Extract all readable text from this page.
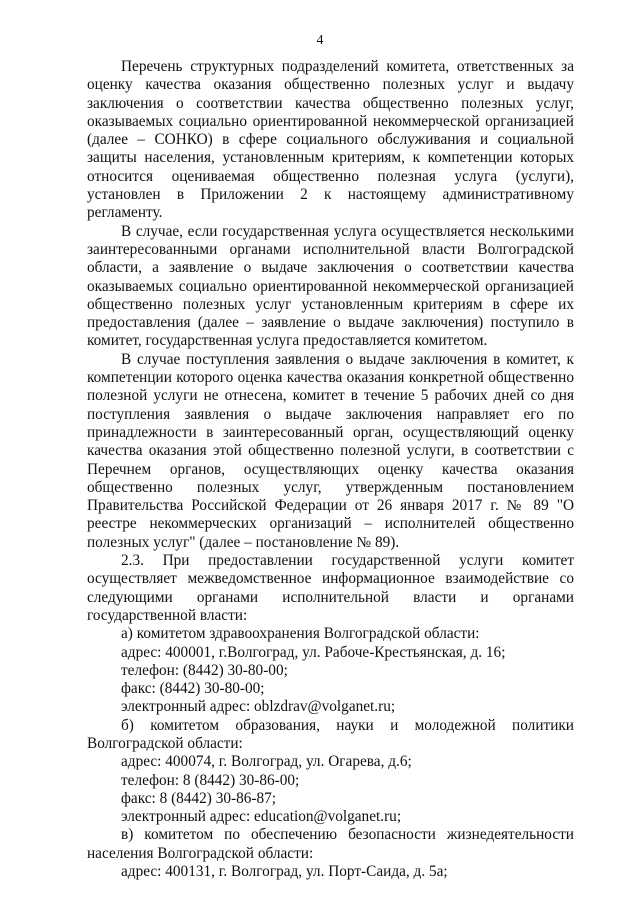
4

Перечень структурных подразделений комитета, ответственных за оценку качества оказания общественно полезных услуг и выдачу заключения о соответствии качества общественно полезных услуг, оказываемых социально ориентированной некоммерческой организацией (далее – СОНКО) в сфере социального обслуживания и социальной защиты населения, установленным критериям, к компетенции которых относится оцениваемая общественно полезная услуга (услуги), установлен в Приложении 2 к настоящему административному регламенту.

В случае, если государственная услуга осуществляется несколькими заинтересованными органами исполнительной власти Волгоградской области, а заявление о выдаче заключения о соответствии качества оказываемых социально ориентированной некоммерческой организацией общественно полезных услуг установленным критериям в сфере их предоставления (далее – заявление о выдаче заключения) поступило в комитет, государственная услуга предоставляется комитетом.

В случае поступления заявления о выдаче заключения в комитет, к компетенции которого оценка качества оказания конкретной общественно полезной услуги не отнесена, комитет в течение 5 рабочих дней со дня поступления заявления о выдаче заключения направляет его по принадлежности в заинтересованный орган, осуществляющий оценку качества оказания этой общественно полезной услуги, в соответствии с Перечнем органов, осуществляющих оценку качества оказания общественно полезных услуг, утвержденным постановлением Правительства Российской Федерации от 26 января 2017 г. № 89 "О реестре некоммерческих организаций – исполнителей общественно полезных услуг" (далее – постановление № 89).

2.3. При предоставлении государственной услуги комитет осуществляет межведомственное информационное взаимодействие со следующими органами исполнительной власти и органами государственной власти:

а) комитетом здравоохранения Волгоградской области:

адрес: 400001, г.Волгоград, ул. Рабоче-Крестьянская, д. 16;

телефон: (8442) 30-80-00;

факс: (8442) 30-80-00;

электронный адрес: oblzdrav@volganet.ru;

б) комитетом образования, науки и молодежной политики Волгоградской области:

адрес: 400074, г. Волгоград, ул. Огарева, д.6;

телефон: 8 (8442) 30-86-00;

факс: 8 (8442) 30-86-87;

электронный адрес: education@volganet.ru;

в) комитетом по обеспечению безопасности жизнедеятельности населения Волгоградской области:

адрес: 400131, г. Волгоград, ул. Порт-Саида, д. 5а;
